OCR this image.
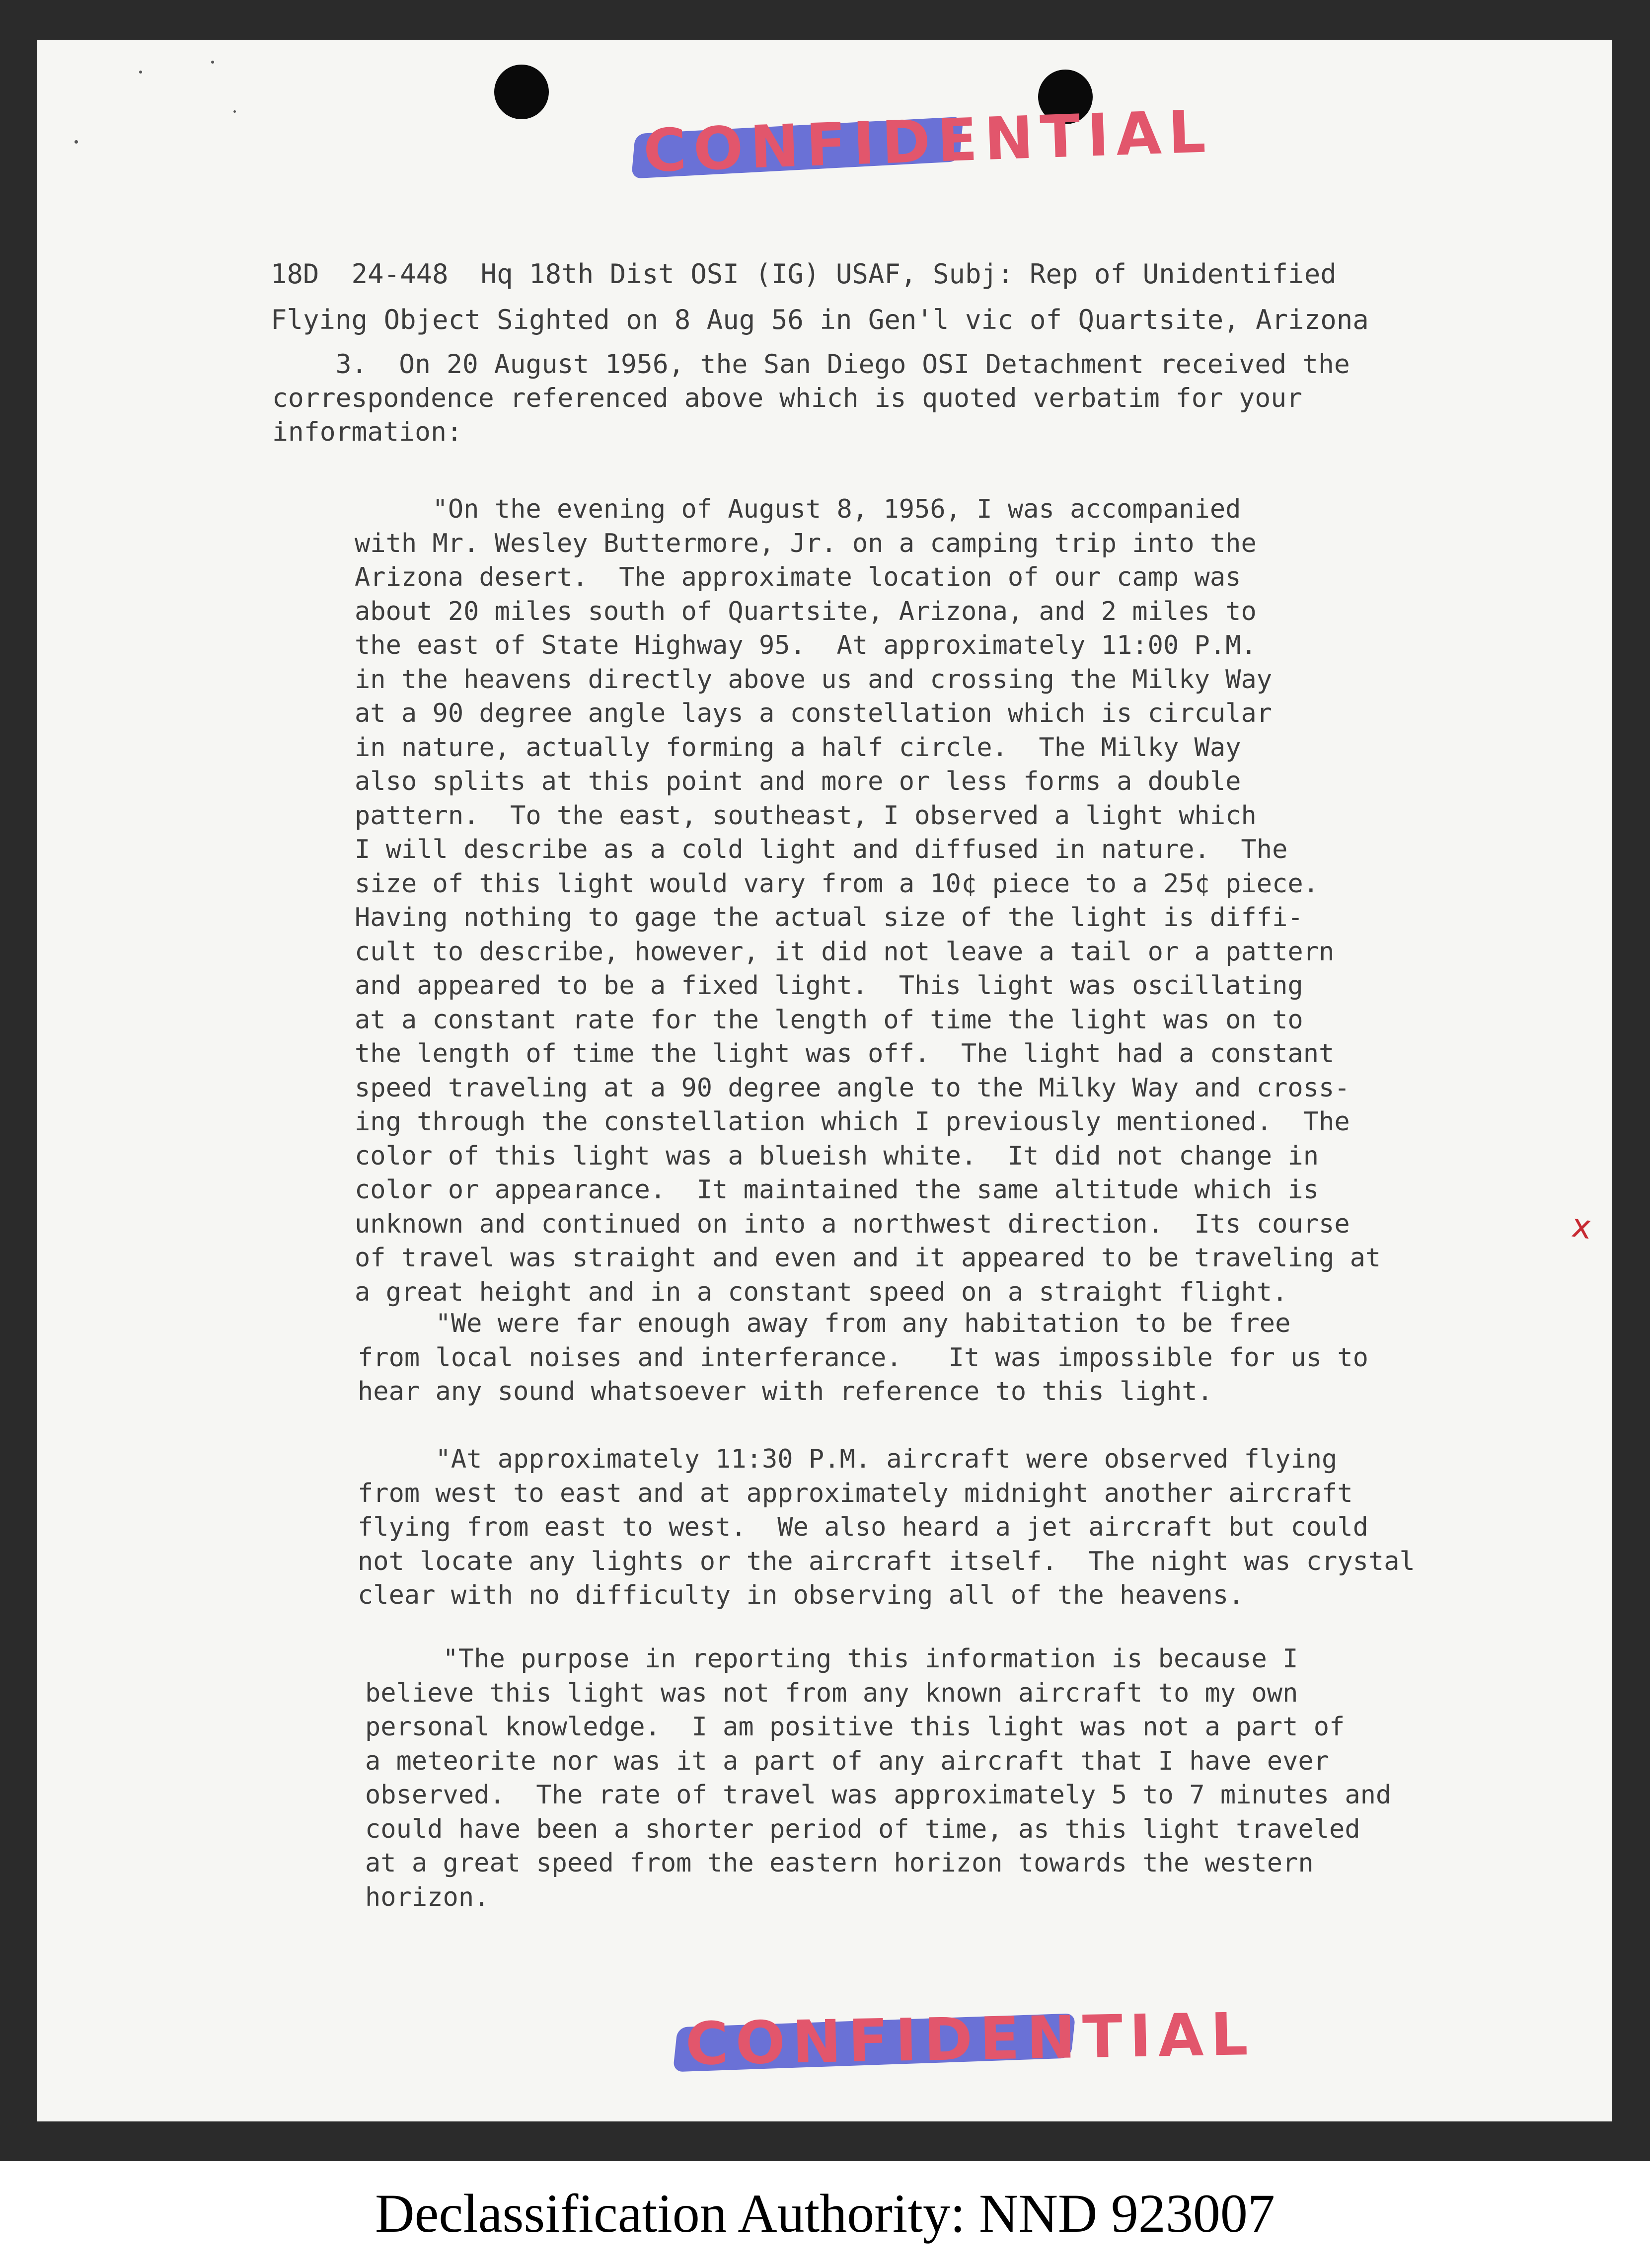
CONFIDENTIAL
18D  24-448  Hq 18th Dist OSI (IG) USAF, Subj: Rep of Unidentified
Flying Object Sighted on 8 Aug 56 in Gen'l vic of Quartsite, Arizona
3.  On 20 August 1956, the San Diego OSI Detachment received the
correspondence referenced above which is quoted verbatim for your
information:
"On the evening of August 8, 1956, I was accompanied
with Mr. Wesley Buttermore, Jr. on a camping trip into the
Arizona desert.  The approximate location of our camp was
about 20 miles south of Quartsite, Arizona, and 2 miles to
the east of State Highway 95.  At approximately 11:00 P.M.
in the heavens directly above us and crossing the Milky Way
at a 90 degree angle lays a constellation which is circular
in nature, actually forming a half circle.  The Milky Way
also splits at this point and more or less forms a double
pattern.  To the east, southeast, I observed a light which
I will describe as a cold light and diffused in nature.  The
size of this light would vary from a 10¢ piece to a 25¢ piece.
Having nothing to gage the actual size of the light is diffi-
cult to describe, however, it did not leave a tail or a pattern
and appeared to be a fixed light.  This light was oscillating
at a constant rate for the length of time the light was on to
the length of time the light was off.  The light had a constant
speed traveling at a 90 degree angle to the Milky Way and cross-
ing through the constellation which I previously mentioned.  The
color of this light was a blueish white.  It did not change in
color or appearance.  It maintained the same altitude which is
unknown and continued on into a northwest direction.  Its course
of travel was straight and even and it appeared to be traveling at
a great height and in a constant speed on a straight flight.
"We were far enough away from any habitation to be free
from local noises and interferance.   It was impossible for us to
hear any sound whatsoever with reference to this light.
"At approximately 11:30 P.M. aircraft were observed flying
from west to east and at approximately midnight another aircraft
flying from east to west.  We also heard a jet aircraft but could
not locate any lights or the aircraft itself.  The night was crystal
clear with no difficulty in observing all of the heavens.
"The purpose in reporting this information is because I
believe this light was not from any known aircraft to my own
personal knowledge.  I am positive this light was not a part of
a meteorite nor was it a part of any aircraft that I have ever
observed.  The rate of travel was approximately 5 to 7 minutes and
could have been a shorter period of time, as this light traveled
at a great speed from the eastern horizon towards the western
horizon.
x
CONFIDENTIAL
Declassification Authority: NND 923007
